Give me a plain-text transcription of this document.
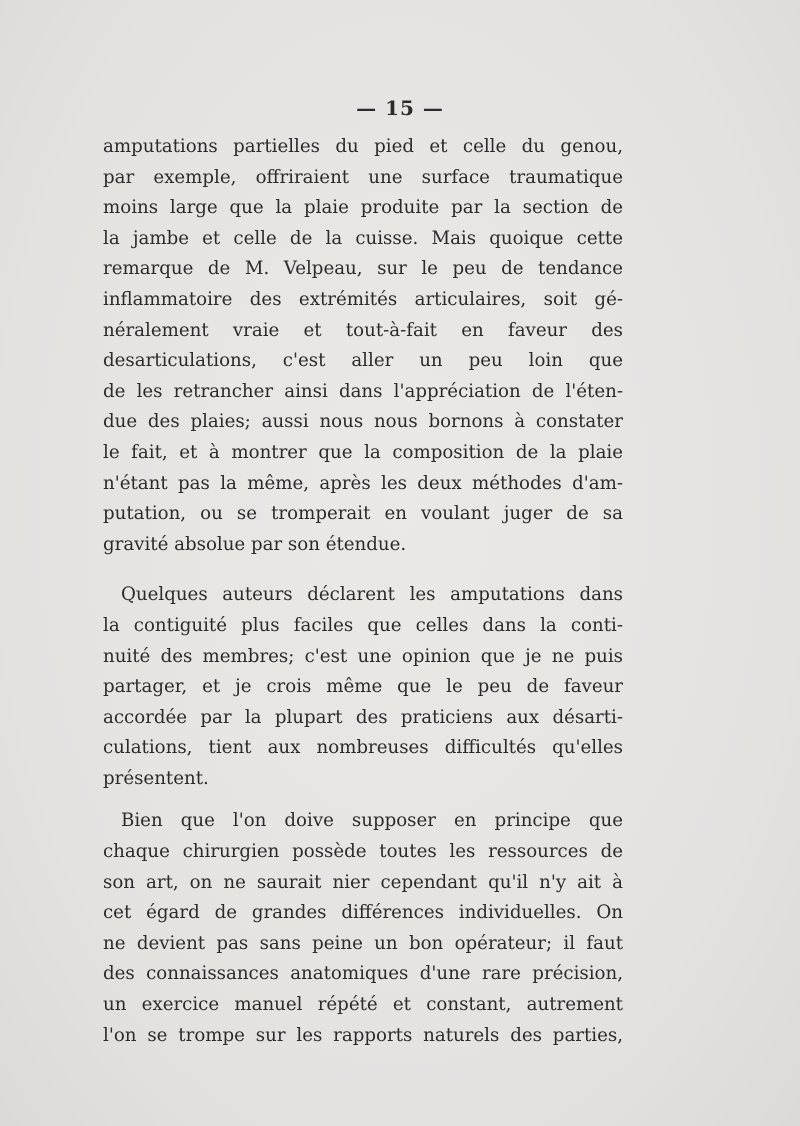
— 15 —
amputations partielles du pied et celle du genou,
par exemple, offriraient une surface traumatique
moins large que la plaie produite par la section de
la jambe et celle de la cuisse. Mais quoique cette
remarque de M. Velpeau, sur le peu de tendance
inflammatoire des extrémités articulaires, soit gé-
néralement vraie et tout-à-fait en faveur des
desarticulations, c'est aller un peu loin que
de les retrancher ainsi dans l'appréciation de l'éten-
due des plaies; aussi nous nous bornons à constater
le fait, et à montrer que la composition de la plaie
n'étant pas la même, après les deux méthodes d'am-
putation, ou se tromperait en voulant juger de sa
gravité absolue par son étendue.
Quelques auteurs déclarent les amputations dans
la contiguité plus faciles que celles dans la conti-
nuité des membres; c'est une opinion que je ne puis
partager, et je crois même que le peu de faveur
accordée par la plupart des praticiens aux désarti-
culations, tient aux nombreuses difficultés qu'elles
présentent.
Bien que l'on doive supposer en principe que
chaque chirurgien possède toutes les ressources de
son art, on ne saurait nier cependant qu'il n'y ait à
cet égard de grandes différences individuelles. On
ne devient pas sans peine un bon opérateur; il faut
des connaissances anatomiques d'une rare précision,
un exercice manuel répété et constant, autrement
l'on se trompe sur les rapports naturels des parties,
